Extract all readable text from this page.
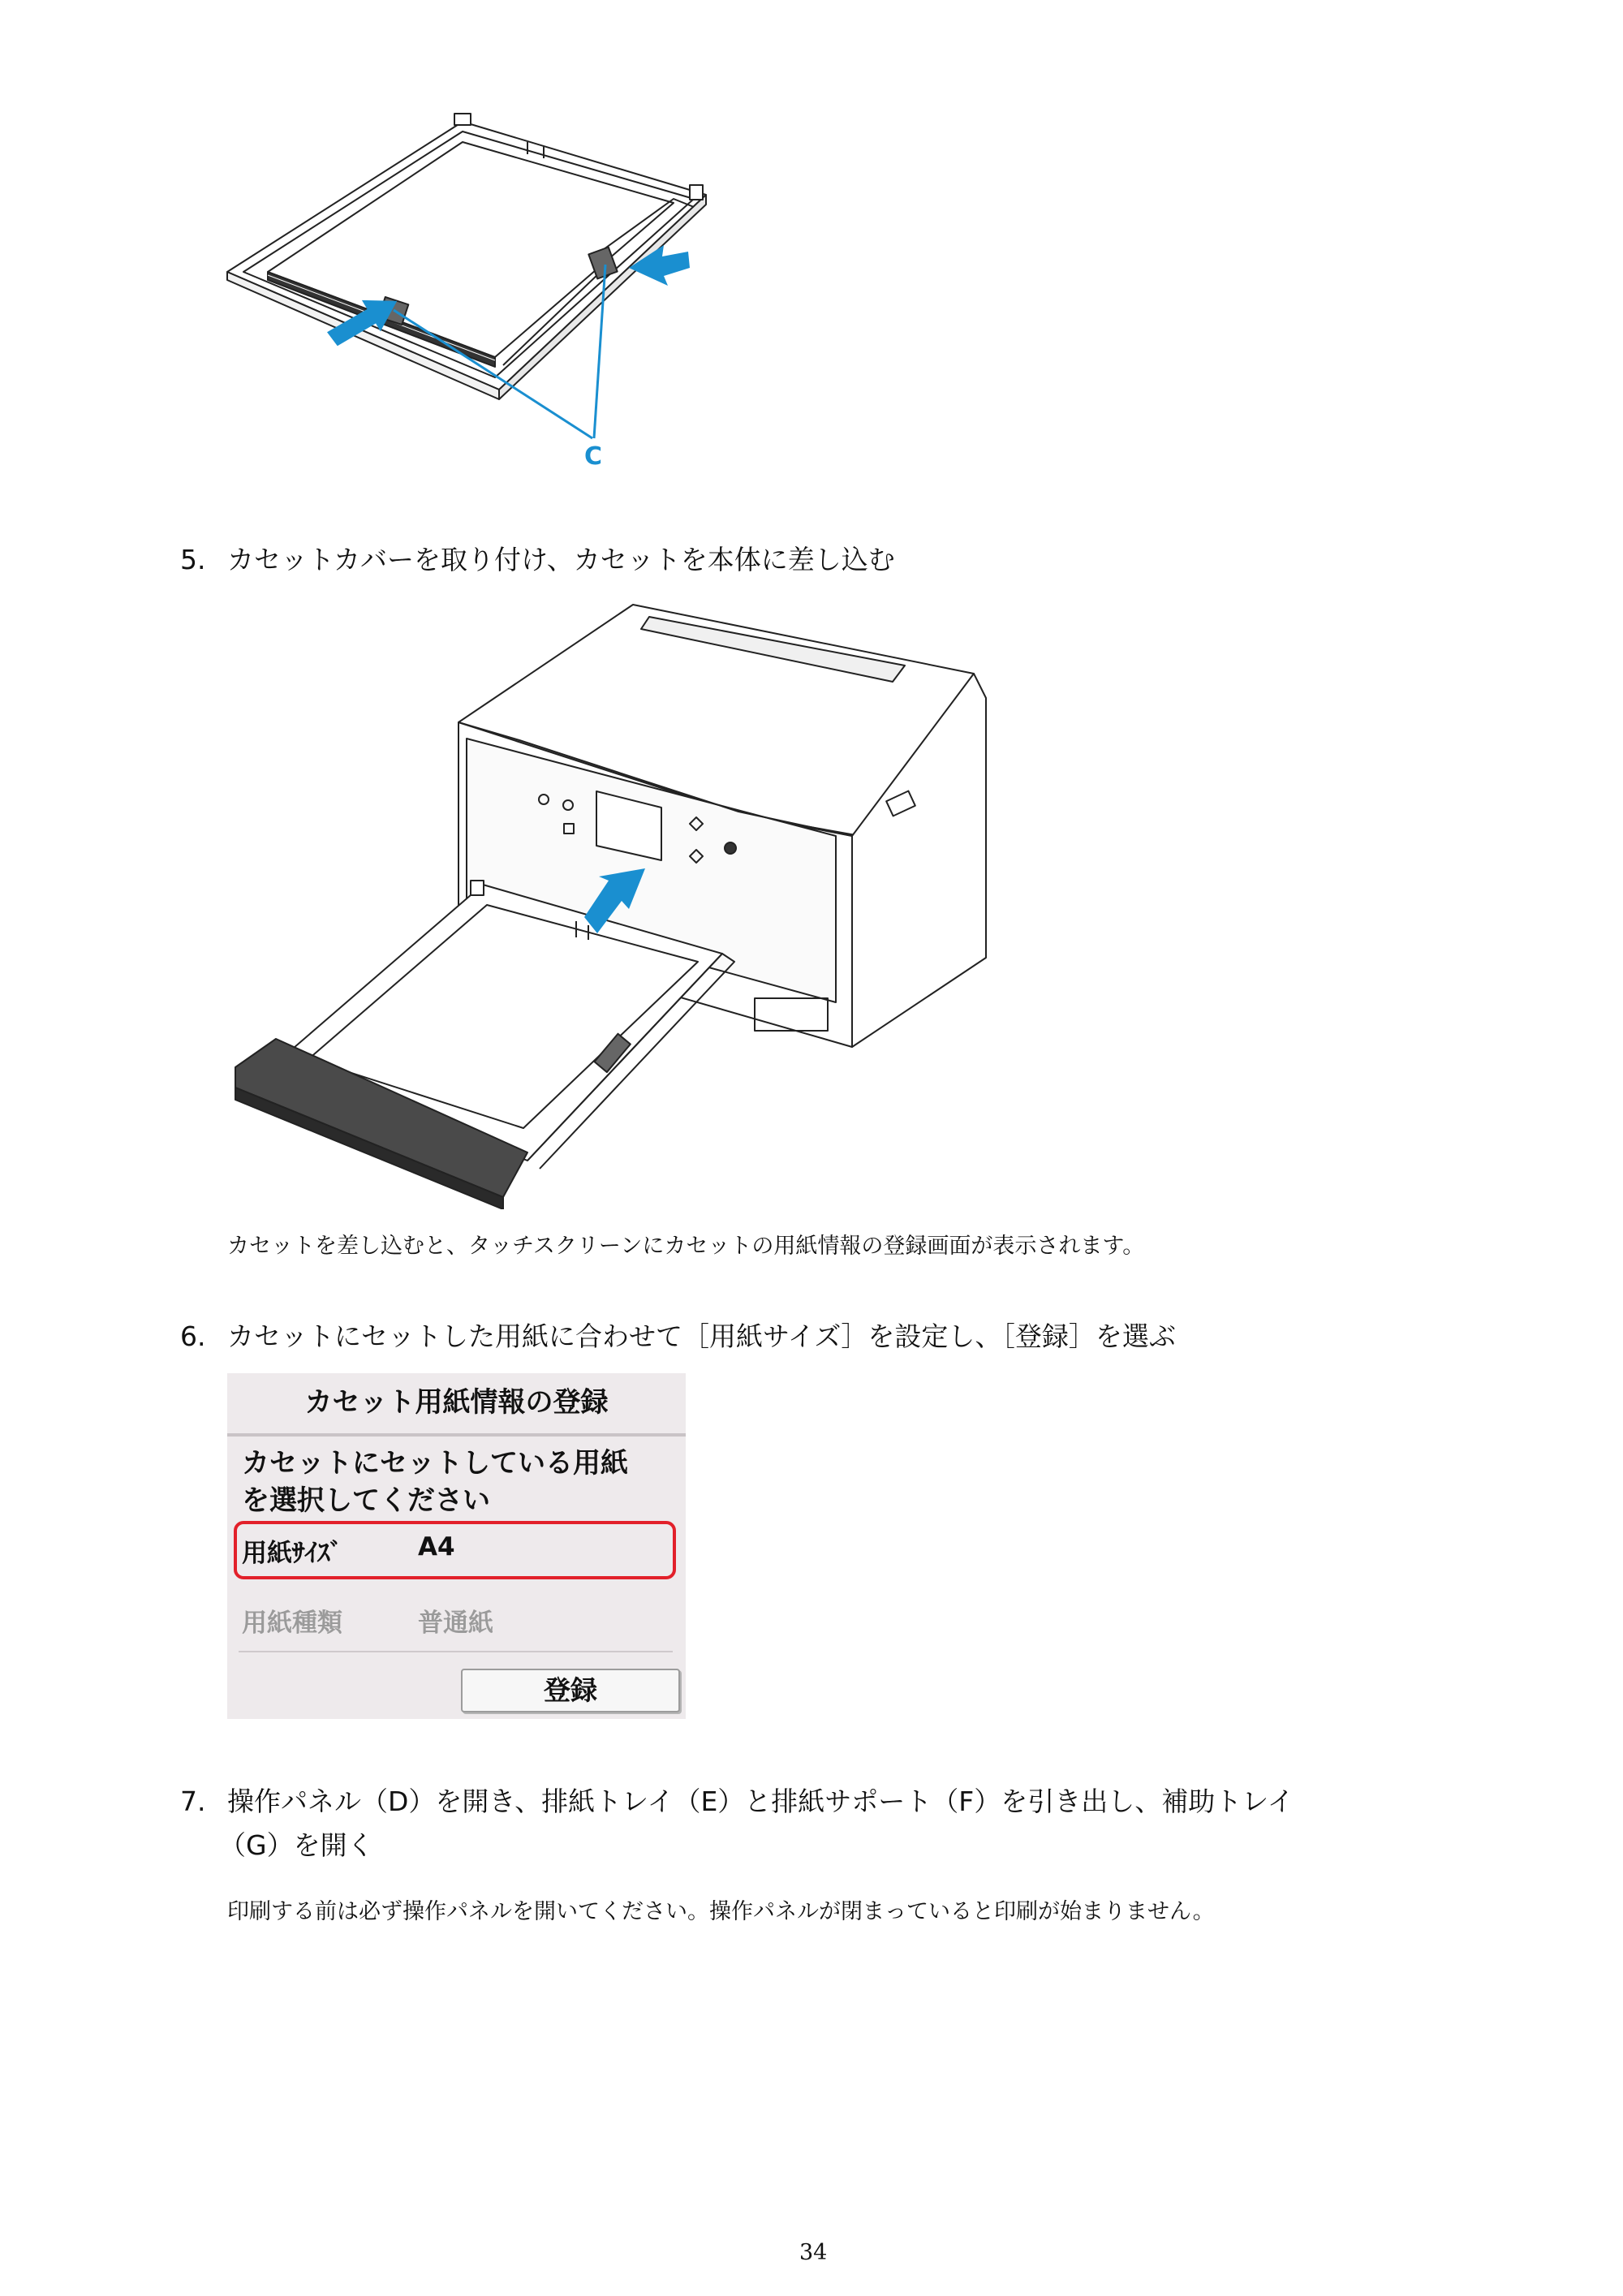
C
5. カセットカバーを取り付け、カセットを本体に差し込む
カセットを差し込むと、タッチスクリーンにカセットの用紙情報の登録画面が表示されます。
6. カセットにセットした用紙に合わせて［用紙サイズ］を設定し、［登録］を選ぶ
カセット用紙情報の登録
カセットにセットしている用紙
を選択してください
用紙ｻｲｽﾞ	A4
用紙種類	普通紙
登録
7. 操作パネル（D）を開き、排紙トレイ（E）と排紙サポート（F）を引き出し、補助トレイ
（G）を開く
印刷する前は必ず操作パネルを開いてください。操作パネルが閉まっていると印刷が始まりません。
34
